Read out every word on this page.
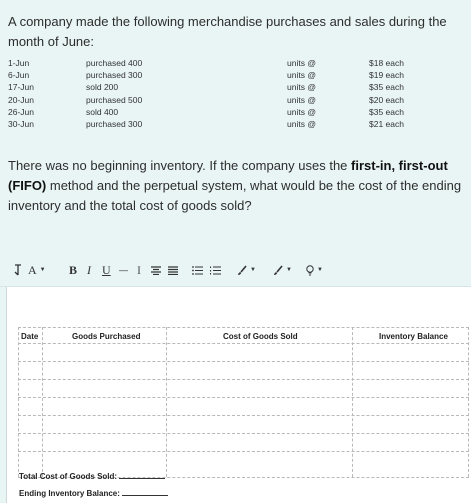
A company made the following merchandise purchases and sales during the month of June:
1-Jun	purchased 400	units @	$18 each
6-Jun	purchased 300	units @	$19 each
17-Jun	sold 200	units @	$35 each
20-Jun	purchased 500	units @	$20 each
26-Jun	sold 400	units @	$35 each
30-Jun	purchased 300	units @	$21 each
There was no beginning inventory. If the company uses the first-in, first-out (FIFO) method and the perpetual system, what would be the cost of the ending inventory and the total cost of goods sold?
A ▼ B I U — I	▼	▼	▼
Date	Goods Purchased	Cost of Goods Sold	Inventory Balance
Total Cost of Goods Sold:
Ending Inventory Balance:
